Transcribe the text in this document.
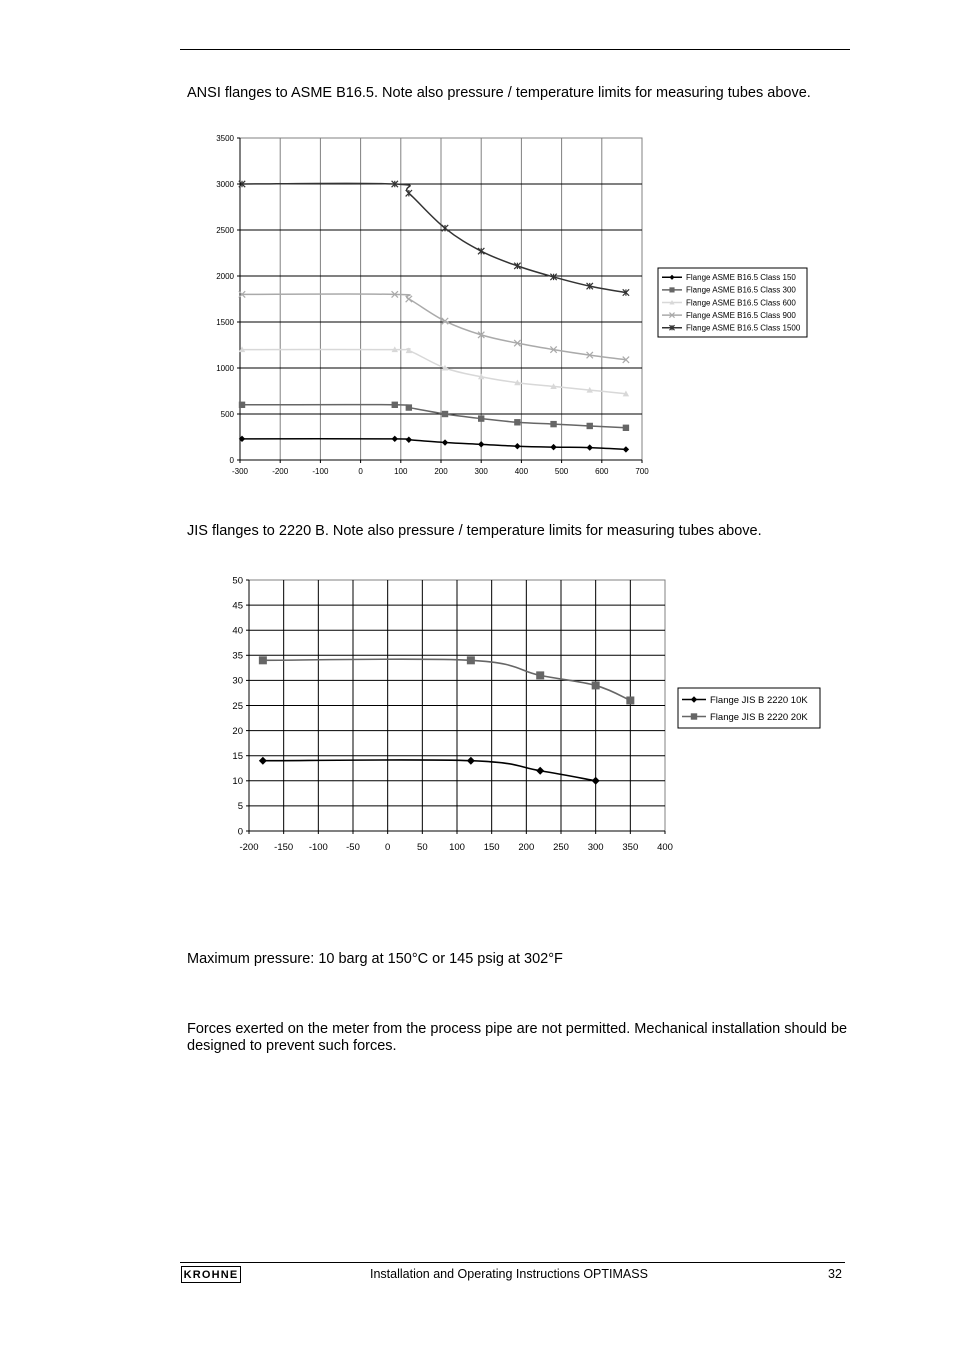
ANSI flanges to ASME B16.5. Note also pressure / temperature limits for measuring tubes above.

-300	-200	-100	0	100	200	300	400	500	600	700
0
500
1000
1500
2000
2500
3000
3500
Flange ASME B16.5 Class 150
Flange ASME B16.5 Class 300
Flange ASME B16.5 Class 600
Flange ASME B16.5 Class 900
Flange ASME B16.5 Class 1500

JIS flanges to 2220 B. Note also pressure / temperature limits for measuring tubes above.

-200 -150 -100 -50	0	50 100 150 200 250 300 350 400
0
5
10
15
20
25
30
35
40
45
50
Flange JIS B 2220 10K
Flange JIS B 2220 20K

Maximum pressure: 10 barg at 150°C or 145 psig at 302°F

Forces exerted on the meter from the process pipe are not permitted. Mechanical installation should be designed to prevent such forces.

KROHNE	Installation and Operating Instructions OPTIMASS	32
